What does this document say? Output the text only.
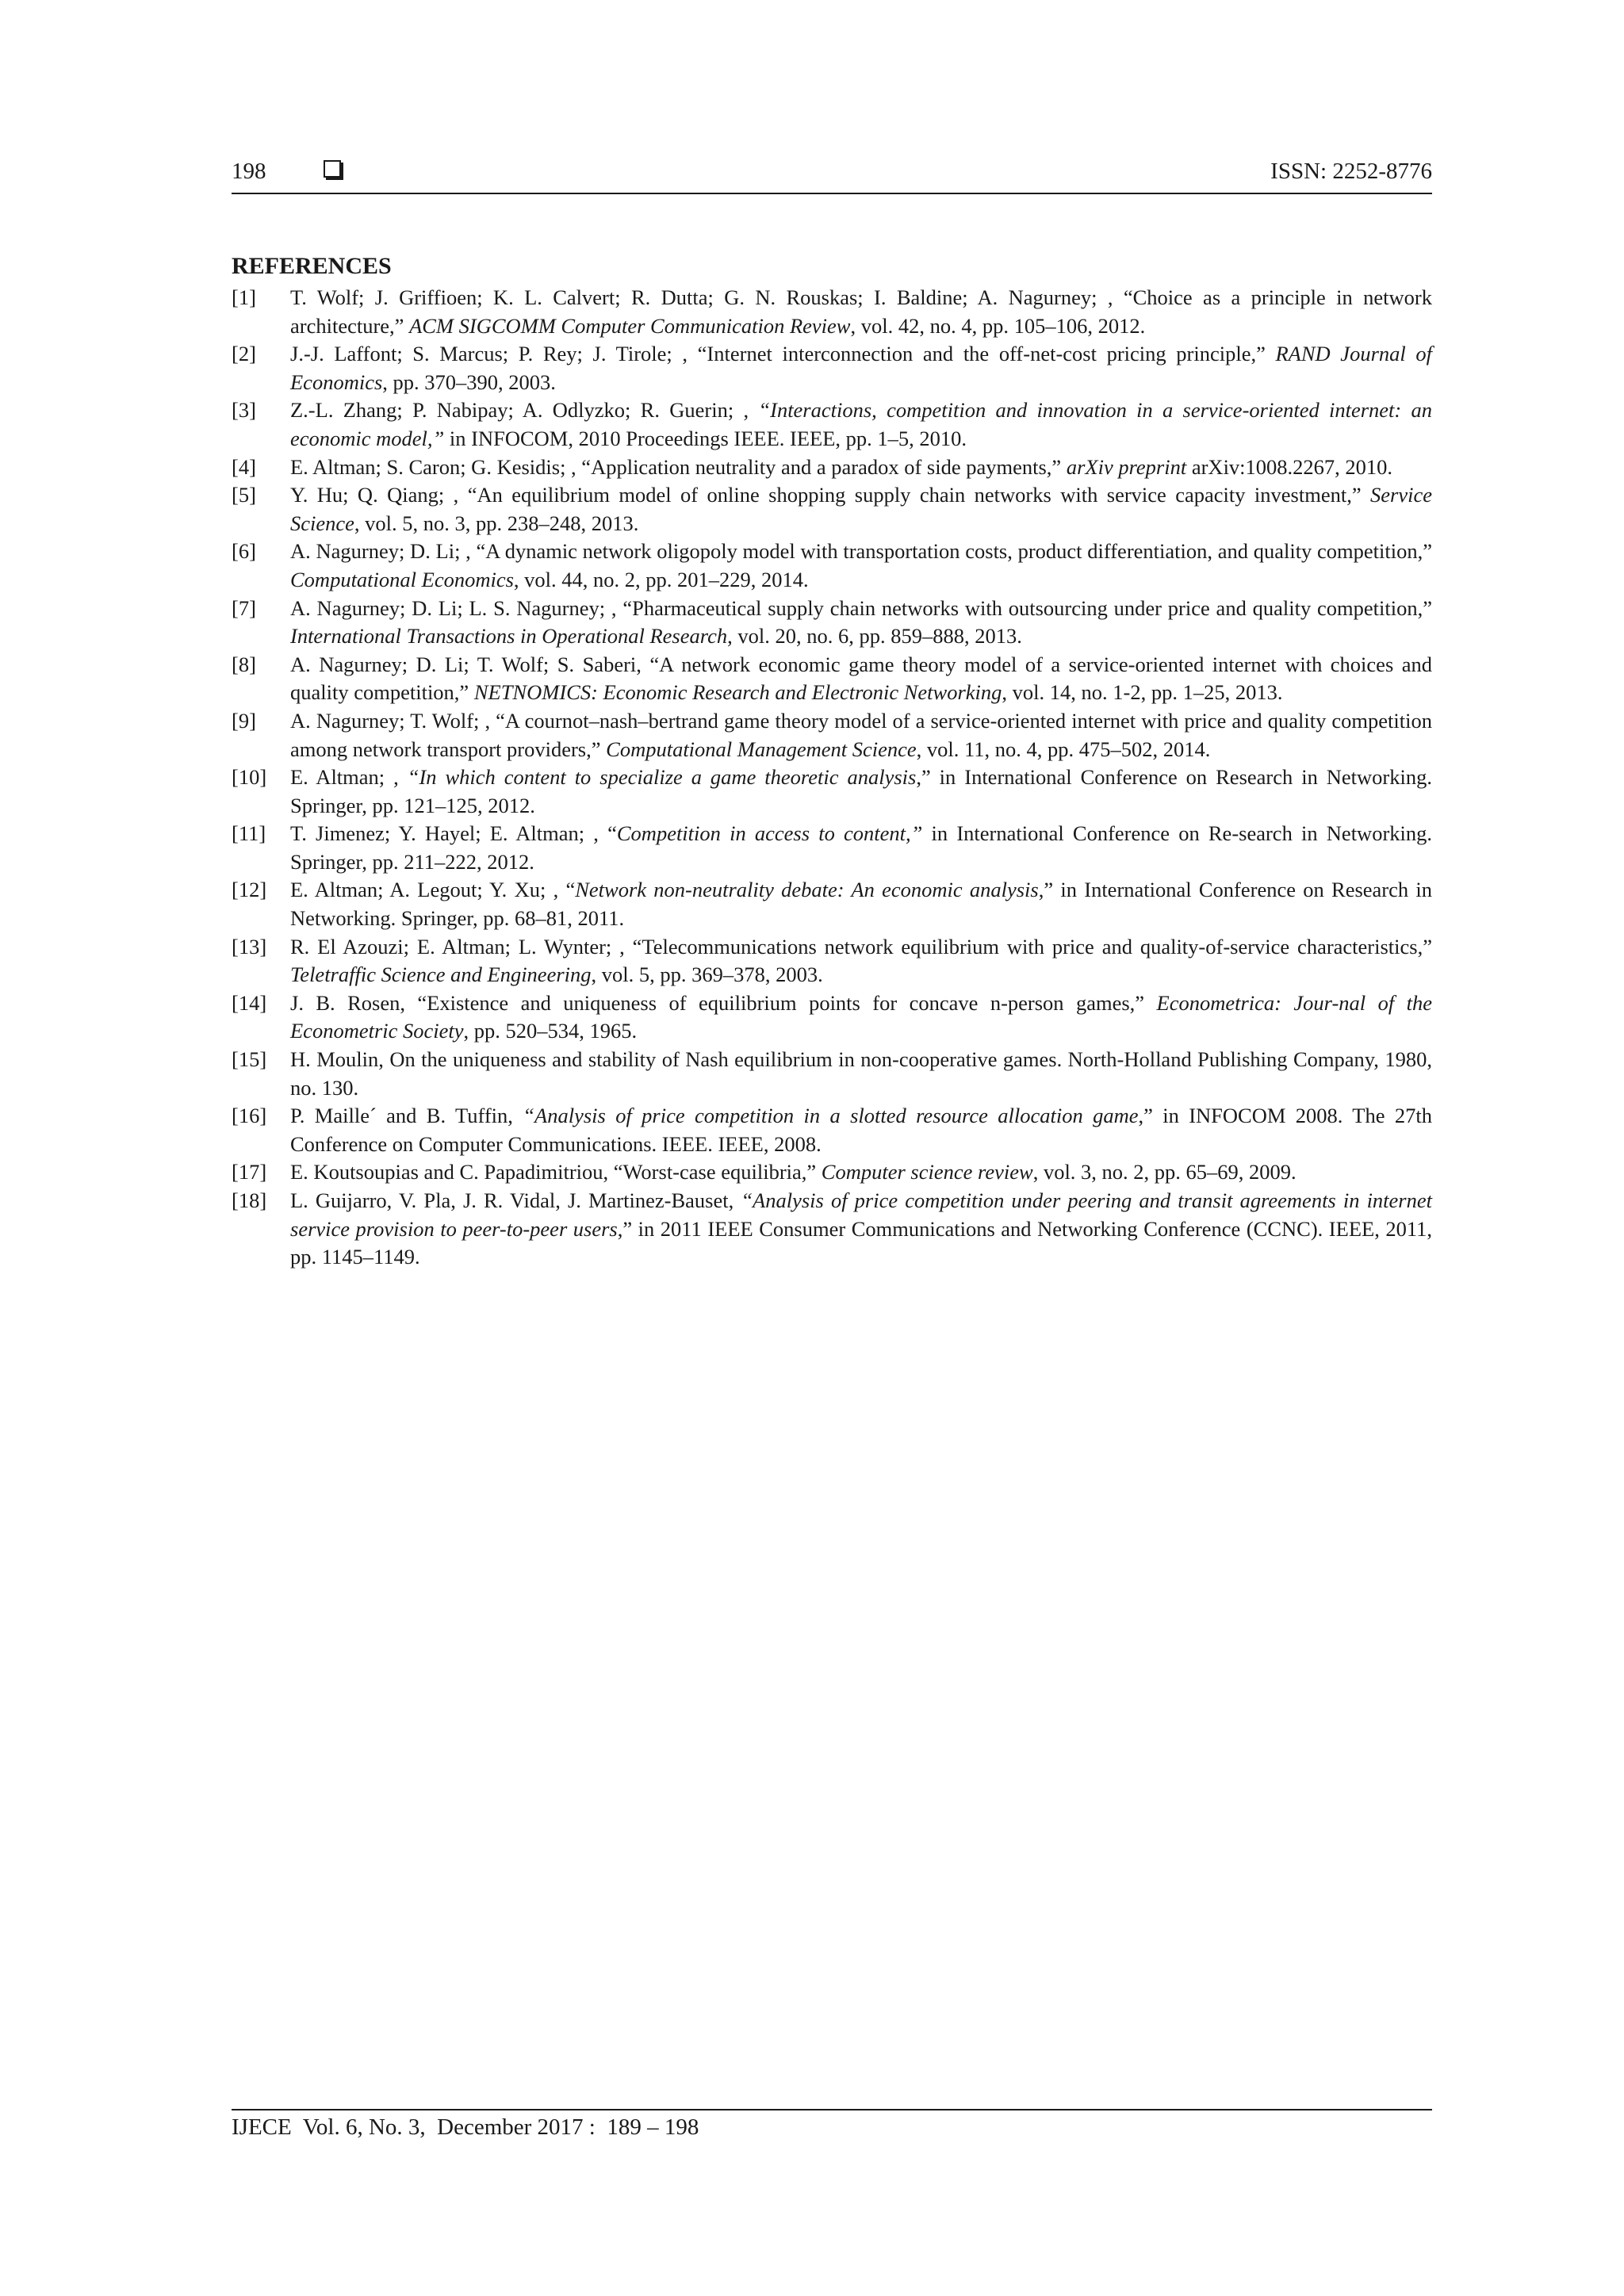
198	ISSN: 2252-8776
REFERENCES
[1] T. Wolf; J. Griffioen; K. L. Calvert; R. Dutta; G. N. Rouskas; I. Baldine; A. Nagurney; , “Choice as a principle in network architecture,” ACM SIGCOMM Computer Communication Review, vol. 42, no. 4, pp. 105–106, 2012.
[2] J.-J. Laffont; S. Marcus; P. Rey; J. Tirole; , “Internet interconnection and the off-net-cost pricing principle,” RAND Journal of Economics, pp. 370–390, 2003.
[3] Z.-L. Zhang; P. Nabipay; A. Odlyzko; R. Guerin; , “Interactions, competition and innovation in a service-oriented internet: an economic model,” in INFOCOM, 2010 Proceedings IEEE. IEEE, pp. 1–5, 2010.
[4] E. Altman; S. Caron; G. Kesidis; , “Application neutrality and a paradox of side payments,” arXiv preprint arXiv:1008.2267, 2010.
[5] Y. Hu; Q. Qiang; , “An equilibrium model of online shopping supply chain networks with service capacity investment,” Service Science, vol. 5, no. 3, pp. 238–248, 2013.
[6] A. Nagurney; D. Li; , “A dynamic network oligopoly model with transportation costs, product differentiation, and quality competition,” Computational Economics, vol. 44, no. 2, pp. 201–229, 2014.
[7] A. Nagurney; D. Li; L. S. Nagurney; , “Pharmaceutical supply chain networks with outsourcing under price and quality competition,” International Transactions in Operational Research, vol. 20, no. 6, pp. 859–888, 2013.
[8] A. Nagurney; D. Li; T. Wolf; S. Saberi, “A network economic game theory model of a service-oriented internet with choices and quality competition,” NETNOMICS: Economic Research and Electronic Networking, vol. 14, no. 1-2, pp. 1–25, 2013.
[9] A. Nagurney; T. Wolf; , “A cournot–nash–bertrand game theory model of a service-oriented internet with price and quality competition among network transport providers,” Computational Management Science, vol. 11, no. 4, pp. 475–502, 2014.
[10] E. Altman; , “In which content to specialize a game theoretic analysis,” in International Conference on Research in Networking. Springer, pp. 121–125, 2012.
[11] T. Jimenez; Y. Hayel; E. Altman; , “Competition in access to content,” in International Conference on Re-search in Networking. Springer, pp. 211–222, 2012.
[12] E. Altman; A. Legout; Y. Xu; , “Network non-neutrality debate: An economic analysis,” in International Conference on Research in Networking. Springer, pp. 68–81, 2011.
[13] R. El Azouzi; E. Altman; L. Wynter; , “Telecommunications network equilibrium with price and quality-of-service characteristics,” Teletraffic Science and Engineering, vol. 5, pp. 369–378, 2003.
[14] J. B. Rosen, “Existence and uniqueness of equilibrium points for concave n-person games,” Econometrica: Jour-nal of the Econometric Society, pp. 520–534, 1965.
[15] H. Moulin, On the uniqueness and stability of Nash equilibrium in non-cooperative games. North-Holland Publishing Company, 1980, no. 130.
[16] P. Maille´ and B. Tuffin, “Analysis of price competition in a slotted resource allocation game,” in INFOCOM 2008. The 27th Conference on Computer Communications. IEEE. IEEE, 2008.
[17] E. Koutsoupias and C. Papadimitriou, “Worst-case equilibria,” Computer science review, vol. 3, no. 2, pp. 65–69, 2009.
[18] L. Guijarro, V. Pla, J. R. Vidal, J. Martinez-Bauset, “Analysis of price competition under peering and transit agreements in internet service provision to peer-to-peer users,” in 2011 IEEE Consumer Communications and Networking Conference (CCNC). IEEE, 2011, pp. 1145–1149.
IJECE  Vol. 6, No. 3,  December 2017 :  189 – 198
